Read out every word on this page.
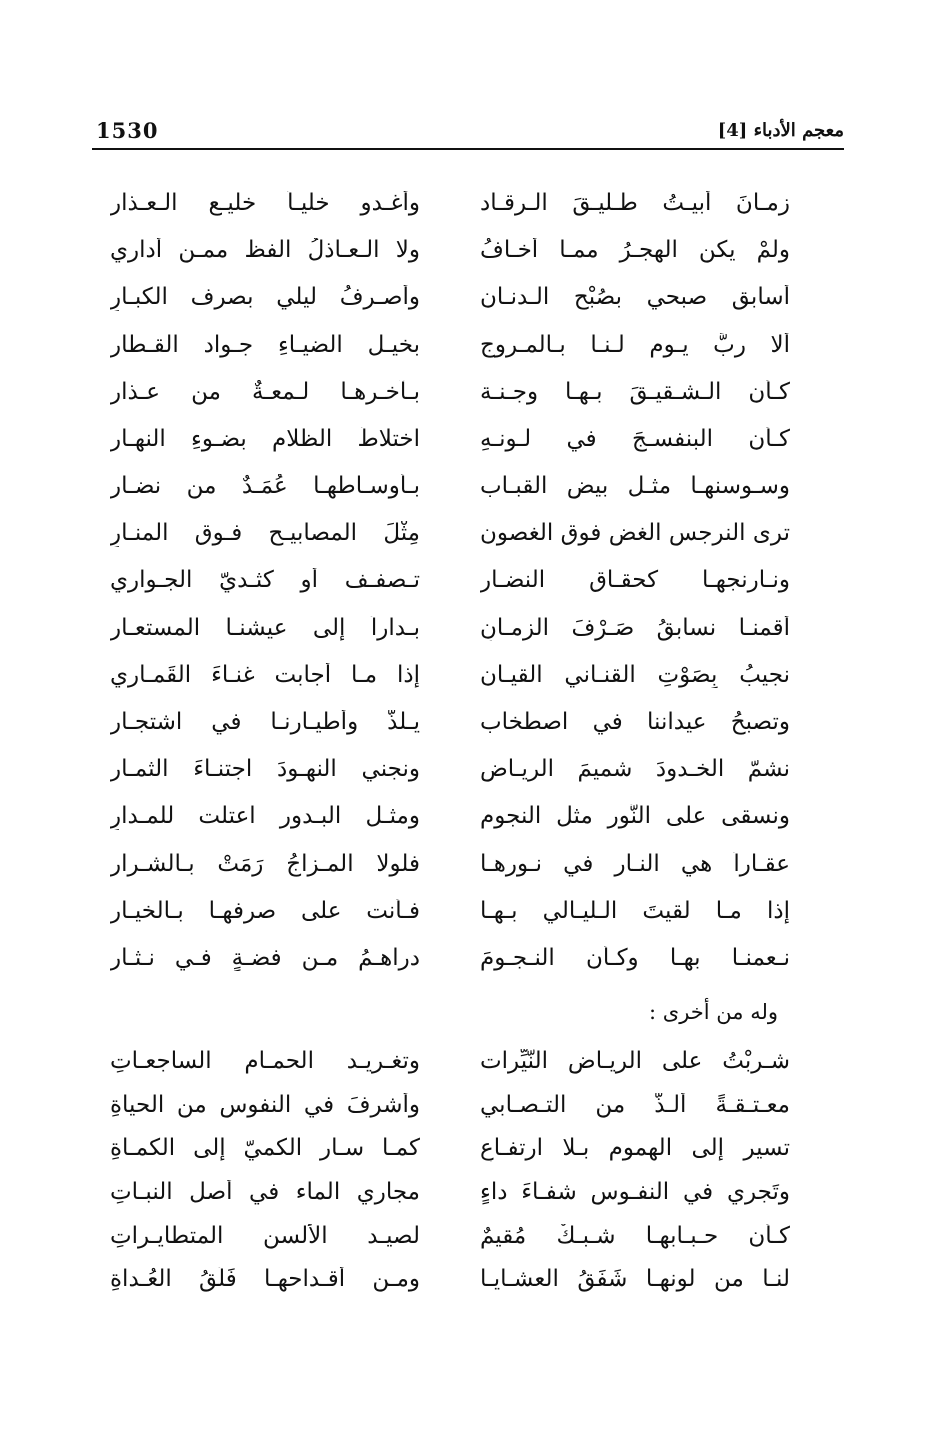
1530	معجم الأدباء [4]
زمـانَ أبيـتُ طـليـقَ الـرقـاد
وأغـدو خليـاً خليـع الـعـذارِ
ولمْ يكنِ الهجـرُ ممـا أخـافُ
ولا الـعـاذلُ الفظ ممـن أداري
أسابق صبحي بصُبْحِ الـدنـان
وأصـرفُ ليلي بصرف الكبـارِ
ألا ربَّ يـومٍ لـنـا بـالمـروج
بخيـل الضيـاءِ جـواد القـطارِ
كـأن الـشـقيـقَ بـهـا وجـنـة
بـآخـرهـا لـمعـةٌ من عـذارِ
كـأن البنفسـجَ في لـونـهِ
اختلاطُ الظلام بضـوءِ النهـارِ
وسـوسنهـا مثـل بيضِ القبـاب
بـأوسـاطهـا عُمَـدٌ من نضـارِ
ترى النرجس الغض فوق الغصون
مِثْلَ المصابيـح فـوق المنـارِ
ونـارنجهـا كحقـاق النضـار
تـصفـف أو كثـديّ الجـواري
أقمنـا نسابقُ صَـرْفَ الزمـانِ
بـداراً إلى عيشنـا المستعـارِ
نجيبُ بِصَوْتِ القنـاني القيـان
إذا مـا أجابت غنـاءَ القَمـاري
وتصبحُ عيداننا في اصطخاب
يـلذّ وأطيـارنـا في اشتجـارِ
نشمّ الخـدودَ شميمَ الريـاض
ونجني النهـودَ اجتنـاءَ الثمـارِ
ونسقى على النُّور مثل النجوم
ومثـل البـدور اعتلت للمـدارِ
عقـاراً هي النـار في نـورهـا
فلولا المـزاجُ رَمَتْ بـالشـرارِ
إذا مـا لقيتَ الـليـالي بـهـا
فـأنت على صرفهـا بـالخيـارِ
نـعمنـا بهـا وكـأن النـجـومَ
دراهـمُ مـن فضـةٍ فـي نـثـارِ
وله من أخرى :
شـربْتُ على الريـاض النّيِّرات
وتغـريـد الحمـام الساجعـاتِ
معـتـقـةً ألـذَّ من التـصـابي
وأشرفَ في النفوس من الحياةِ
تسير إلى الهموم بـلا ارتفـاعٍ
كمـا سـار الكميّ إلى الكمـاةِ
وتَجري في النفـوس شفـاءَ داءٍ
مجاري الماء في أصل النبـاتِ
كـأن حـبـابهـا شـبـكٌ مُقيمٌ
لصيـد الألسنِ المتطايـراتِ
لنـا من لونهـا شَفَقُ العشـايـا
ومـن أقـداحهـا فَلَقُ العُـداةِ
